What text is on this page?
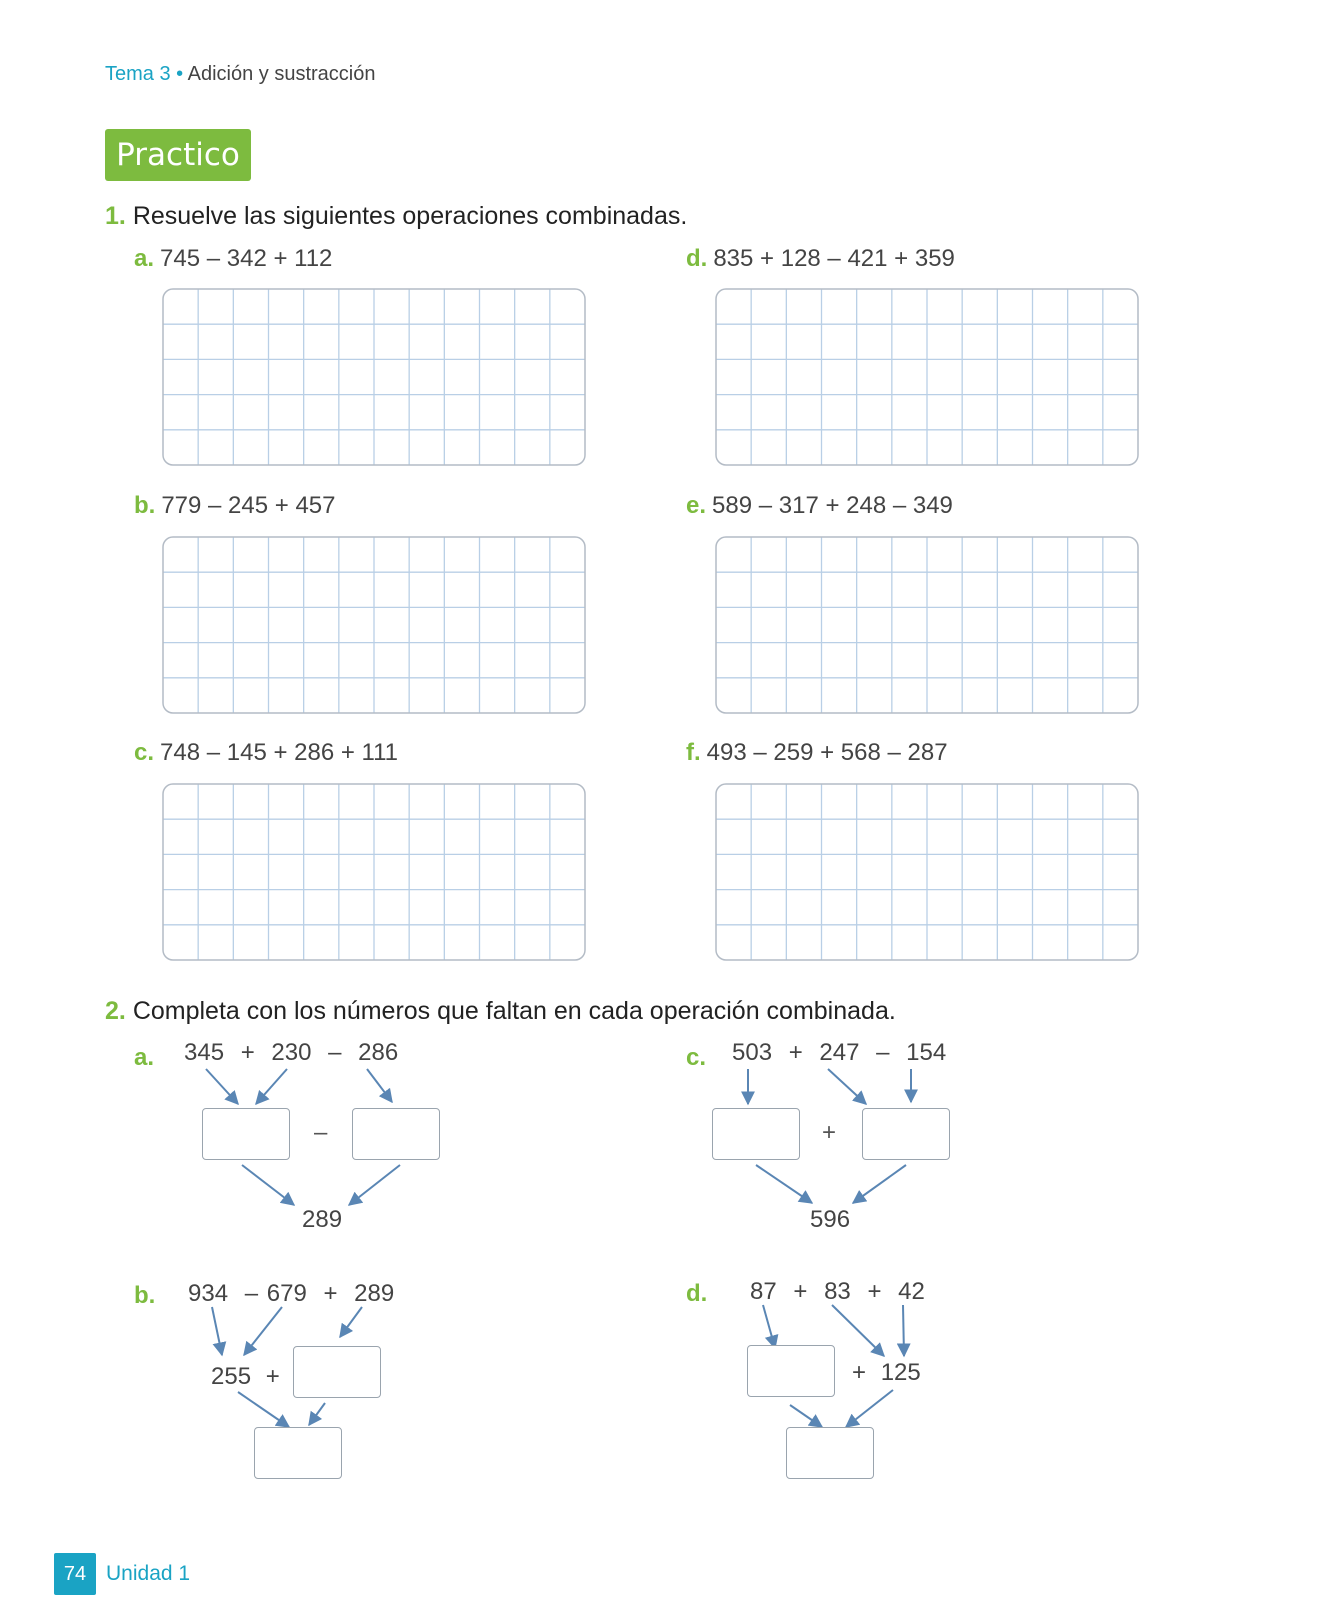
Tema 3 • Adición y sustracción
Practico
1. Resuelve las siguientes operaciones combinadas.
a. 745 – 342 + 112
b. 779 – 245 + 457
c. 748 – 145 + 286 + 111
d. 835 + 128 – 421 + 359
e. 589 – 317 + 248 – 349
f. 493 – 259 + 568 – 287
2. Completa con los números que faltan en cada operación combinada.
a. 345 + 230 – 286
–
289
b. 934 – 679 + 289
255 +
c. 503 + 247 – 154
+
596
d. 87 + 83 + 42
+ 125
74 Unidad 1
